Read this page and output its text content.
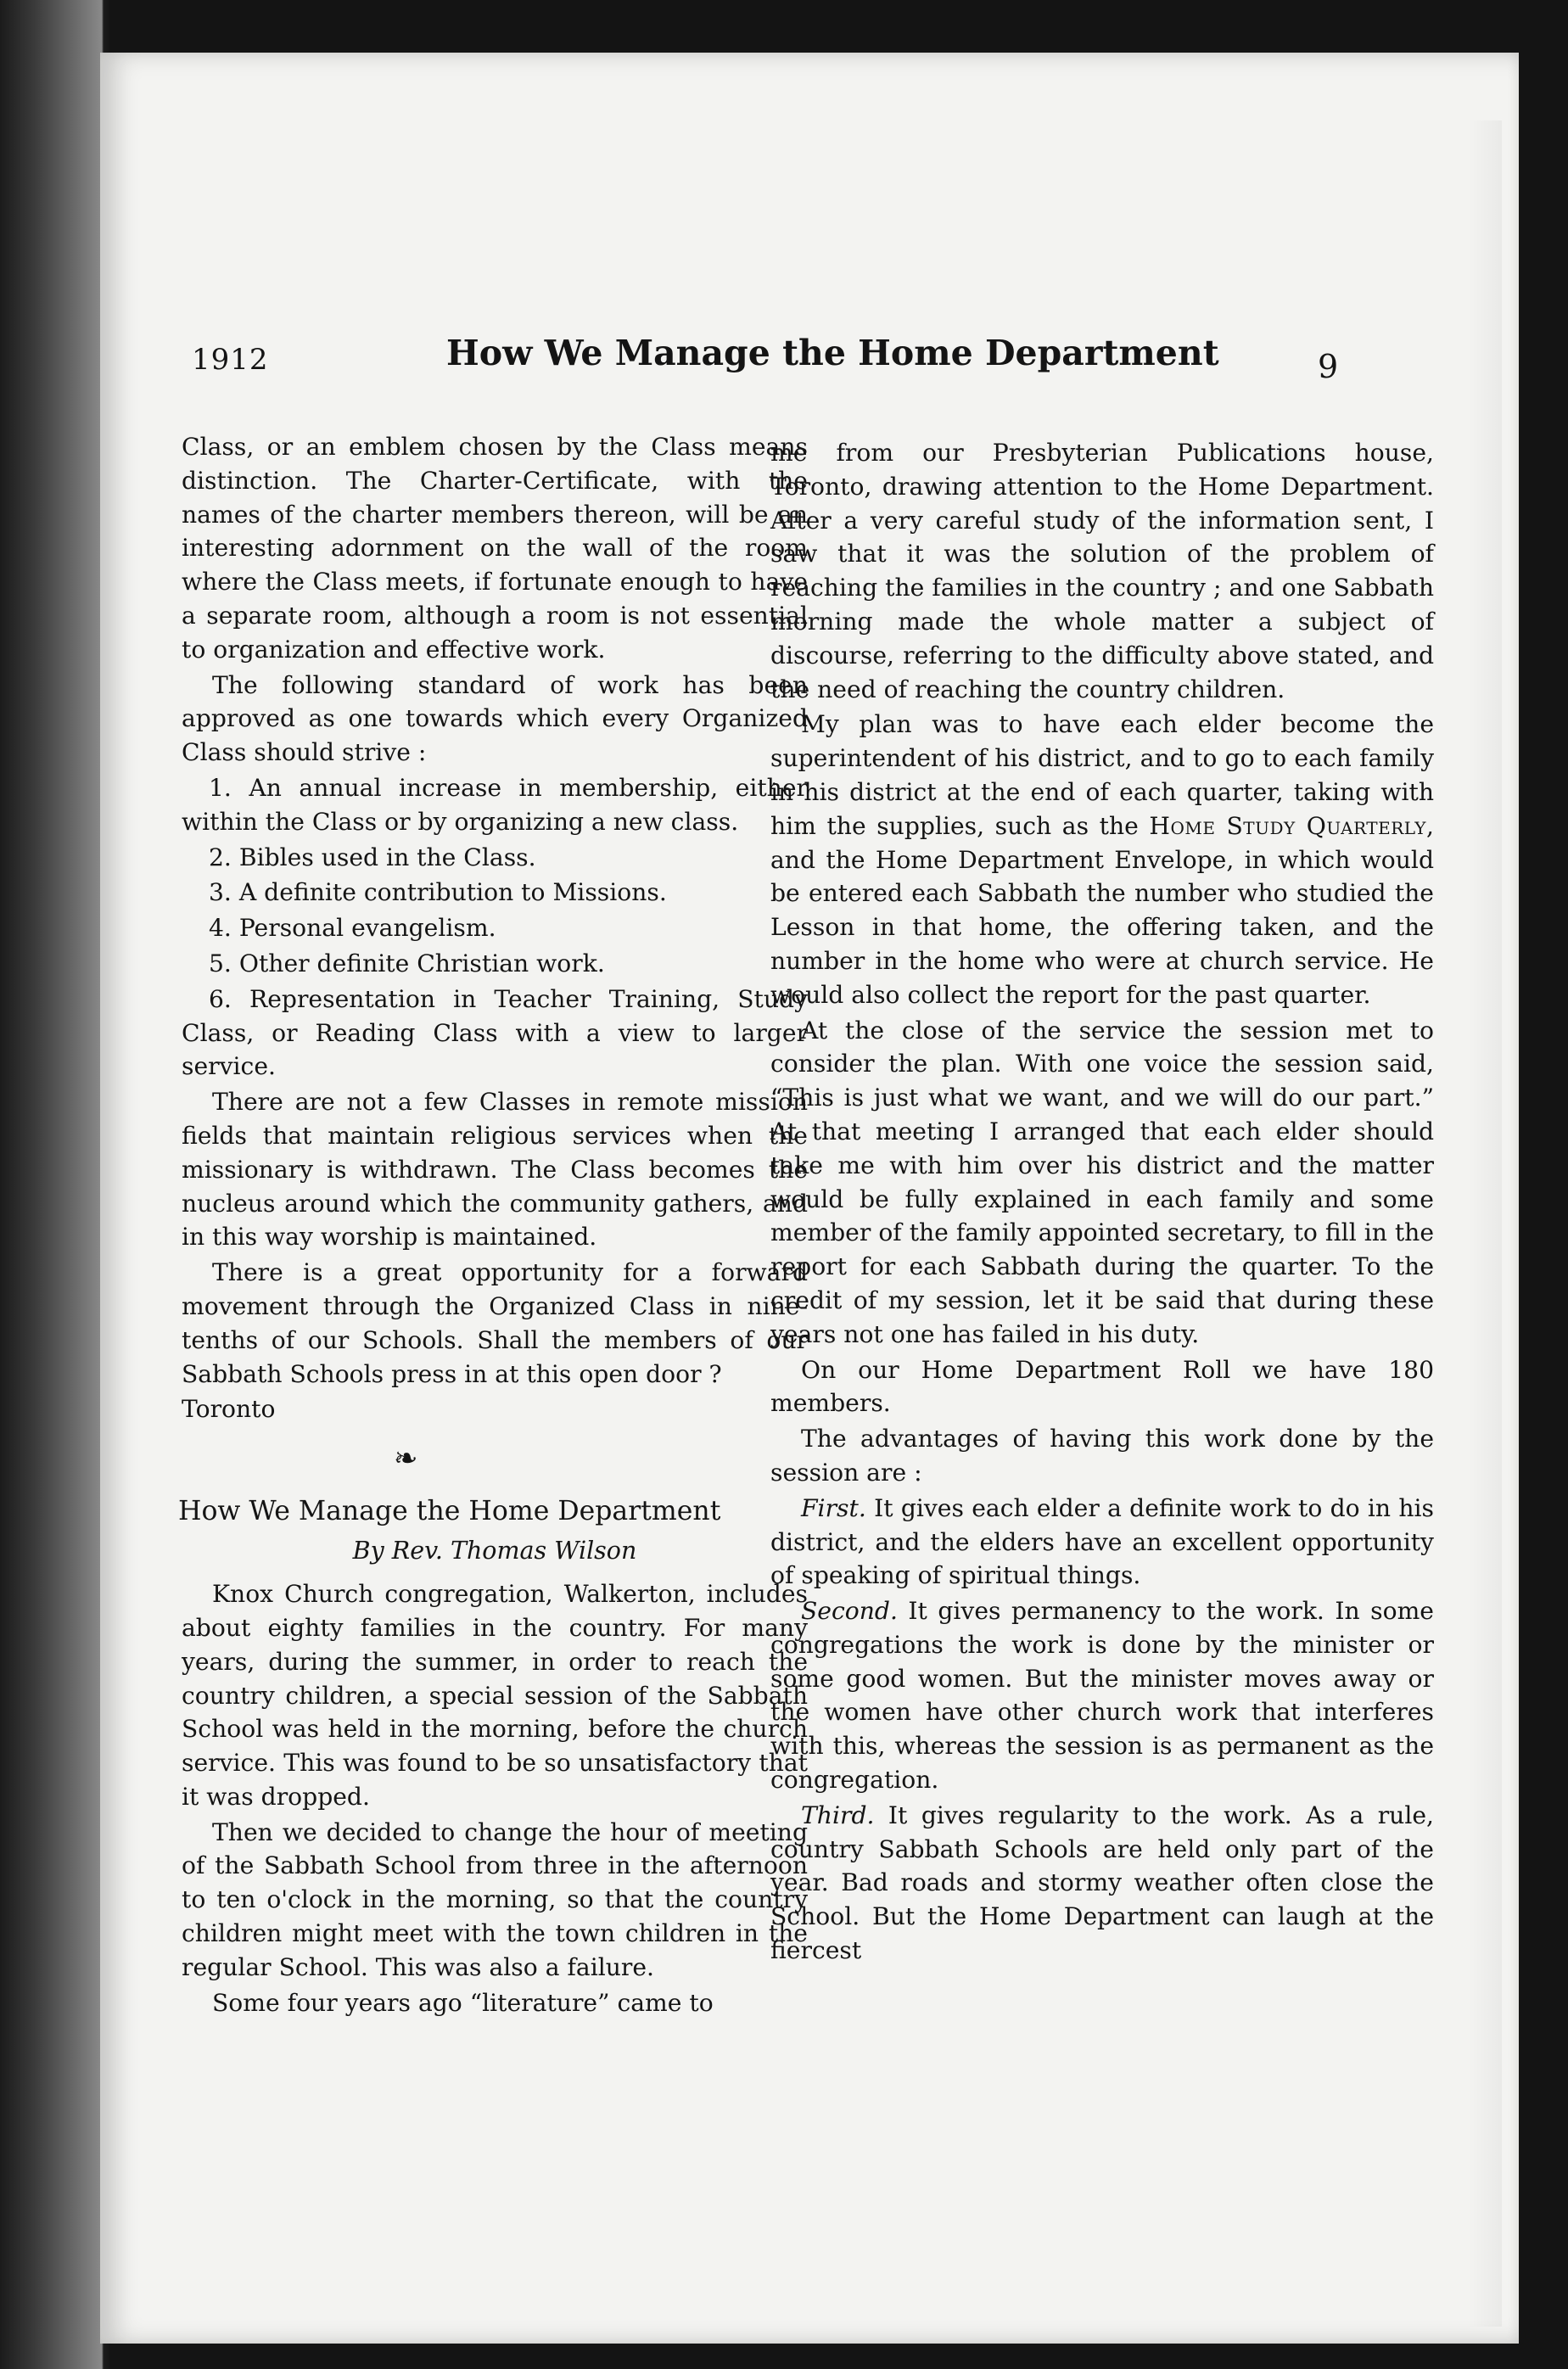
1912	How We Manage the Home Department	9

Class, or an emblem chosen by the Class means distinction. The Charter-Certificate, with the names of the charter members thereon, will be an interesting adornment on the wall of the room where the Class meets, if fortunate enough to have a separate room, although a room is not essential to organization and effective work.

The following standard of work has been approved as one towards which every Organized Class should strive :

1. An annual increase in membership, either within the Class or by organizing a new class.

2. Bibles used in the Class.

3. A definite contribution to Missions.

4. Personal evangelism.

5. Other definite Christian work.

6. Representation in Teacher Training, Study Class, or Reading Class with a view to larger service.

There are not a few Classes in remote mission fields that maintain religious services when the missionary is withdrawn. The Class becomes the nucleus around which the community gathers, and in this way worship is maintained.

There is a great opportunity for a forward movement through the Organized Class in nine-tenths of our Schools. Shall the members of our Sabbath Schools press in at this open door ?

Toronto

❧
How We Manage the Home Department
By Rev. Thomas Wilson

Knox Church congregation, Walkerton, includes about eighty families in the country. For many years, during the summer, in order to reach the country children, a special session of the Sabbath School was held in the morning, before the church service. This was found to be so unsatisfactory that it was dropped.

Then we decided to change the hour of meeting of the Sabbath School from three in the afternoon to ten o'clock in the morning, so that the country children might meet with the town children in the regular School. This was also a failure.

Some four years ago “literature” came to

me from our Presbyterian Publications house, Toronto, drawing attention to the Home Department. After a very careful study of the information sent, I saw that it was the solution of the problem of reaching the families in the country ; and one Sabbath morning made the whole matter a subject of discourse, referring to the difficulty above stated, and the need of reaching the country children.

My plan was to have each elder become the superintendent of his district, and to go to each family in his district at the end of each quarter, taking with him the supplies, such as the Home Study Quarterly, and the Home Department Envelope, in which would be entered each Sabbath the number who studied the Lesson in that home, the offering taken, and the number in the home who were at church service. He would also collect the report for the past quarter.

At the close of the service the session met to consider the plan. With one voice the session said, “This is just what we want, and we will do our part.” At that meeting I arranged that each elder should take me with him over his district and the matter would be fully explained in each family and some member of the family appointed secretary, to fill in the report for each Sabbath during the quarter. To the credit of my session, let it be said that during these years not one has failed in his duty.

On our Home Department Roll we have 180 members.

The advantages of having this work done by the session are :

First. It gives each elder a definite work to do in his district, and the elders have an excellent opportunity of speaking of spiritual things.

Second. It gives permanency to the work. In some congregations the work is done by the minister or some good women. But the minister moves away or the women have other church work that interferes with this, whereas the session is as permanent as the congregation.

Third. It gives regularity to the work. As a rule, country Sabbath Schools are held only part of the year. Bad roads and stormy weather often close the School. But the Home Department can laugh at the fiercest
